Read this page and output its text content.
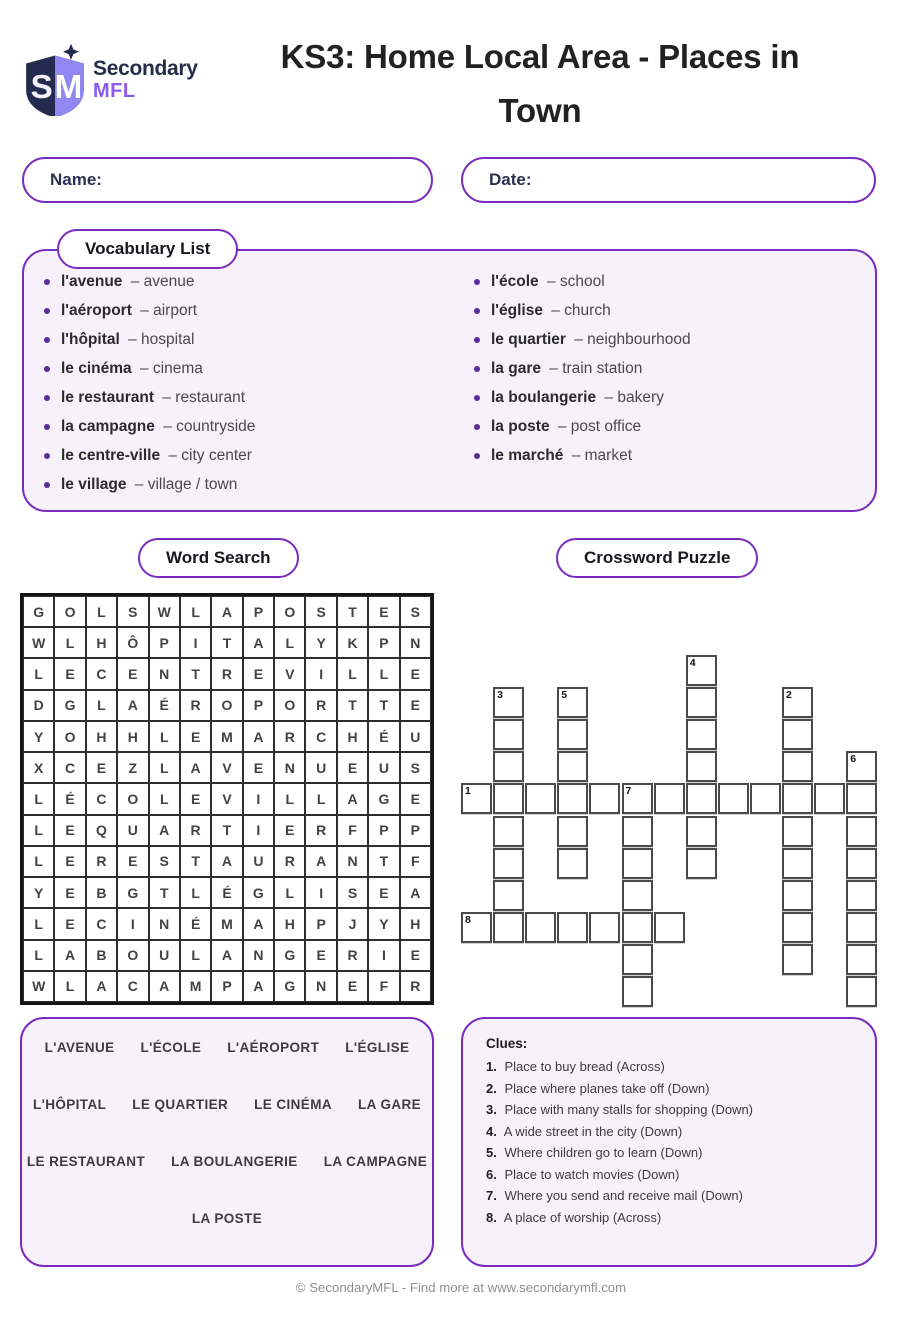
S M
Secondary
MFL
KS3: Home Local Area - Places in
Town
Name:	Date:
Vocabulary List
l'avenue – avenue
l'aéroport – airport
l'hôpital – hospital
le cinéma – cinema
le restaurant – restaurant
la campagne – countryside
le centre-ville – city center
le village – village / town
l'école – school
l'église – church
le quartier – neighbourhood
la gare – train station
la boulangerie – bakery
la poste – post office
le marché – market
Word Search	Crossword Puzzle
G	O	L	S	W	L	A	P	O	S	T	E	S
W	L	H	Ô	P	I	T	A	L	Y	K	P	N
L	E	C	E	N	T	R	E	V	I	L	L	E
D	G	L	A	É	R	O	P	O	R	T	T	E
Y	O	H	H	L	E	M	A	R	C	H	É	U
X	C	E	Z	L	A	V	E	N	U	E	U	S
L	É	C	O	L	E	V	I	L	L	A	G	E
L	E	Q	U	A	R	T	I	E	R	F	P	P
L	E	R	E	S	T	A	U	R	A	N	T	F
Y	E	B	G	T	L	É	G	L	I	S	E	A
L	E	C	I	N	É	M	A	H	P	J	Y	H
L	A	B	O	U	L	A	N	G	E	R	I	E
W	L	A	C	A	M	P	A	G	N	E	F	R
1	7
2
3
4
5
6
8
L'AVENUE L'ÉCOLE L'AÉROPORT L'ÉGLISE
L'HÔPITAL LE QUARTIER LE CINÉMA LA GARE
LE RESTAURANT LA BOULANGERIE LA CAMPAGNE
LA POSTE
Clues:
1. Place to buy bread (Across)
2. Place where planes take off (Down)
3. Place with many stalls for shopping (Down)
4. A wide street in the city (Down)
5. Where children go to learn (Down)
6. Place to watch movies (Down)
7. Where you send and receive mail (Down)
8. A place of worship (Across)
© SecondaryMFL - Find more at www.secondarymfl.com
